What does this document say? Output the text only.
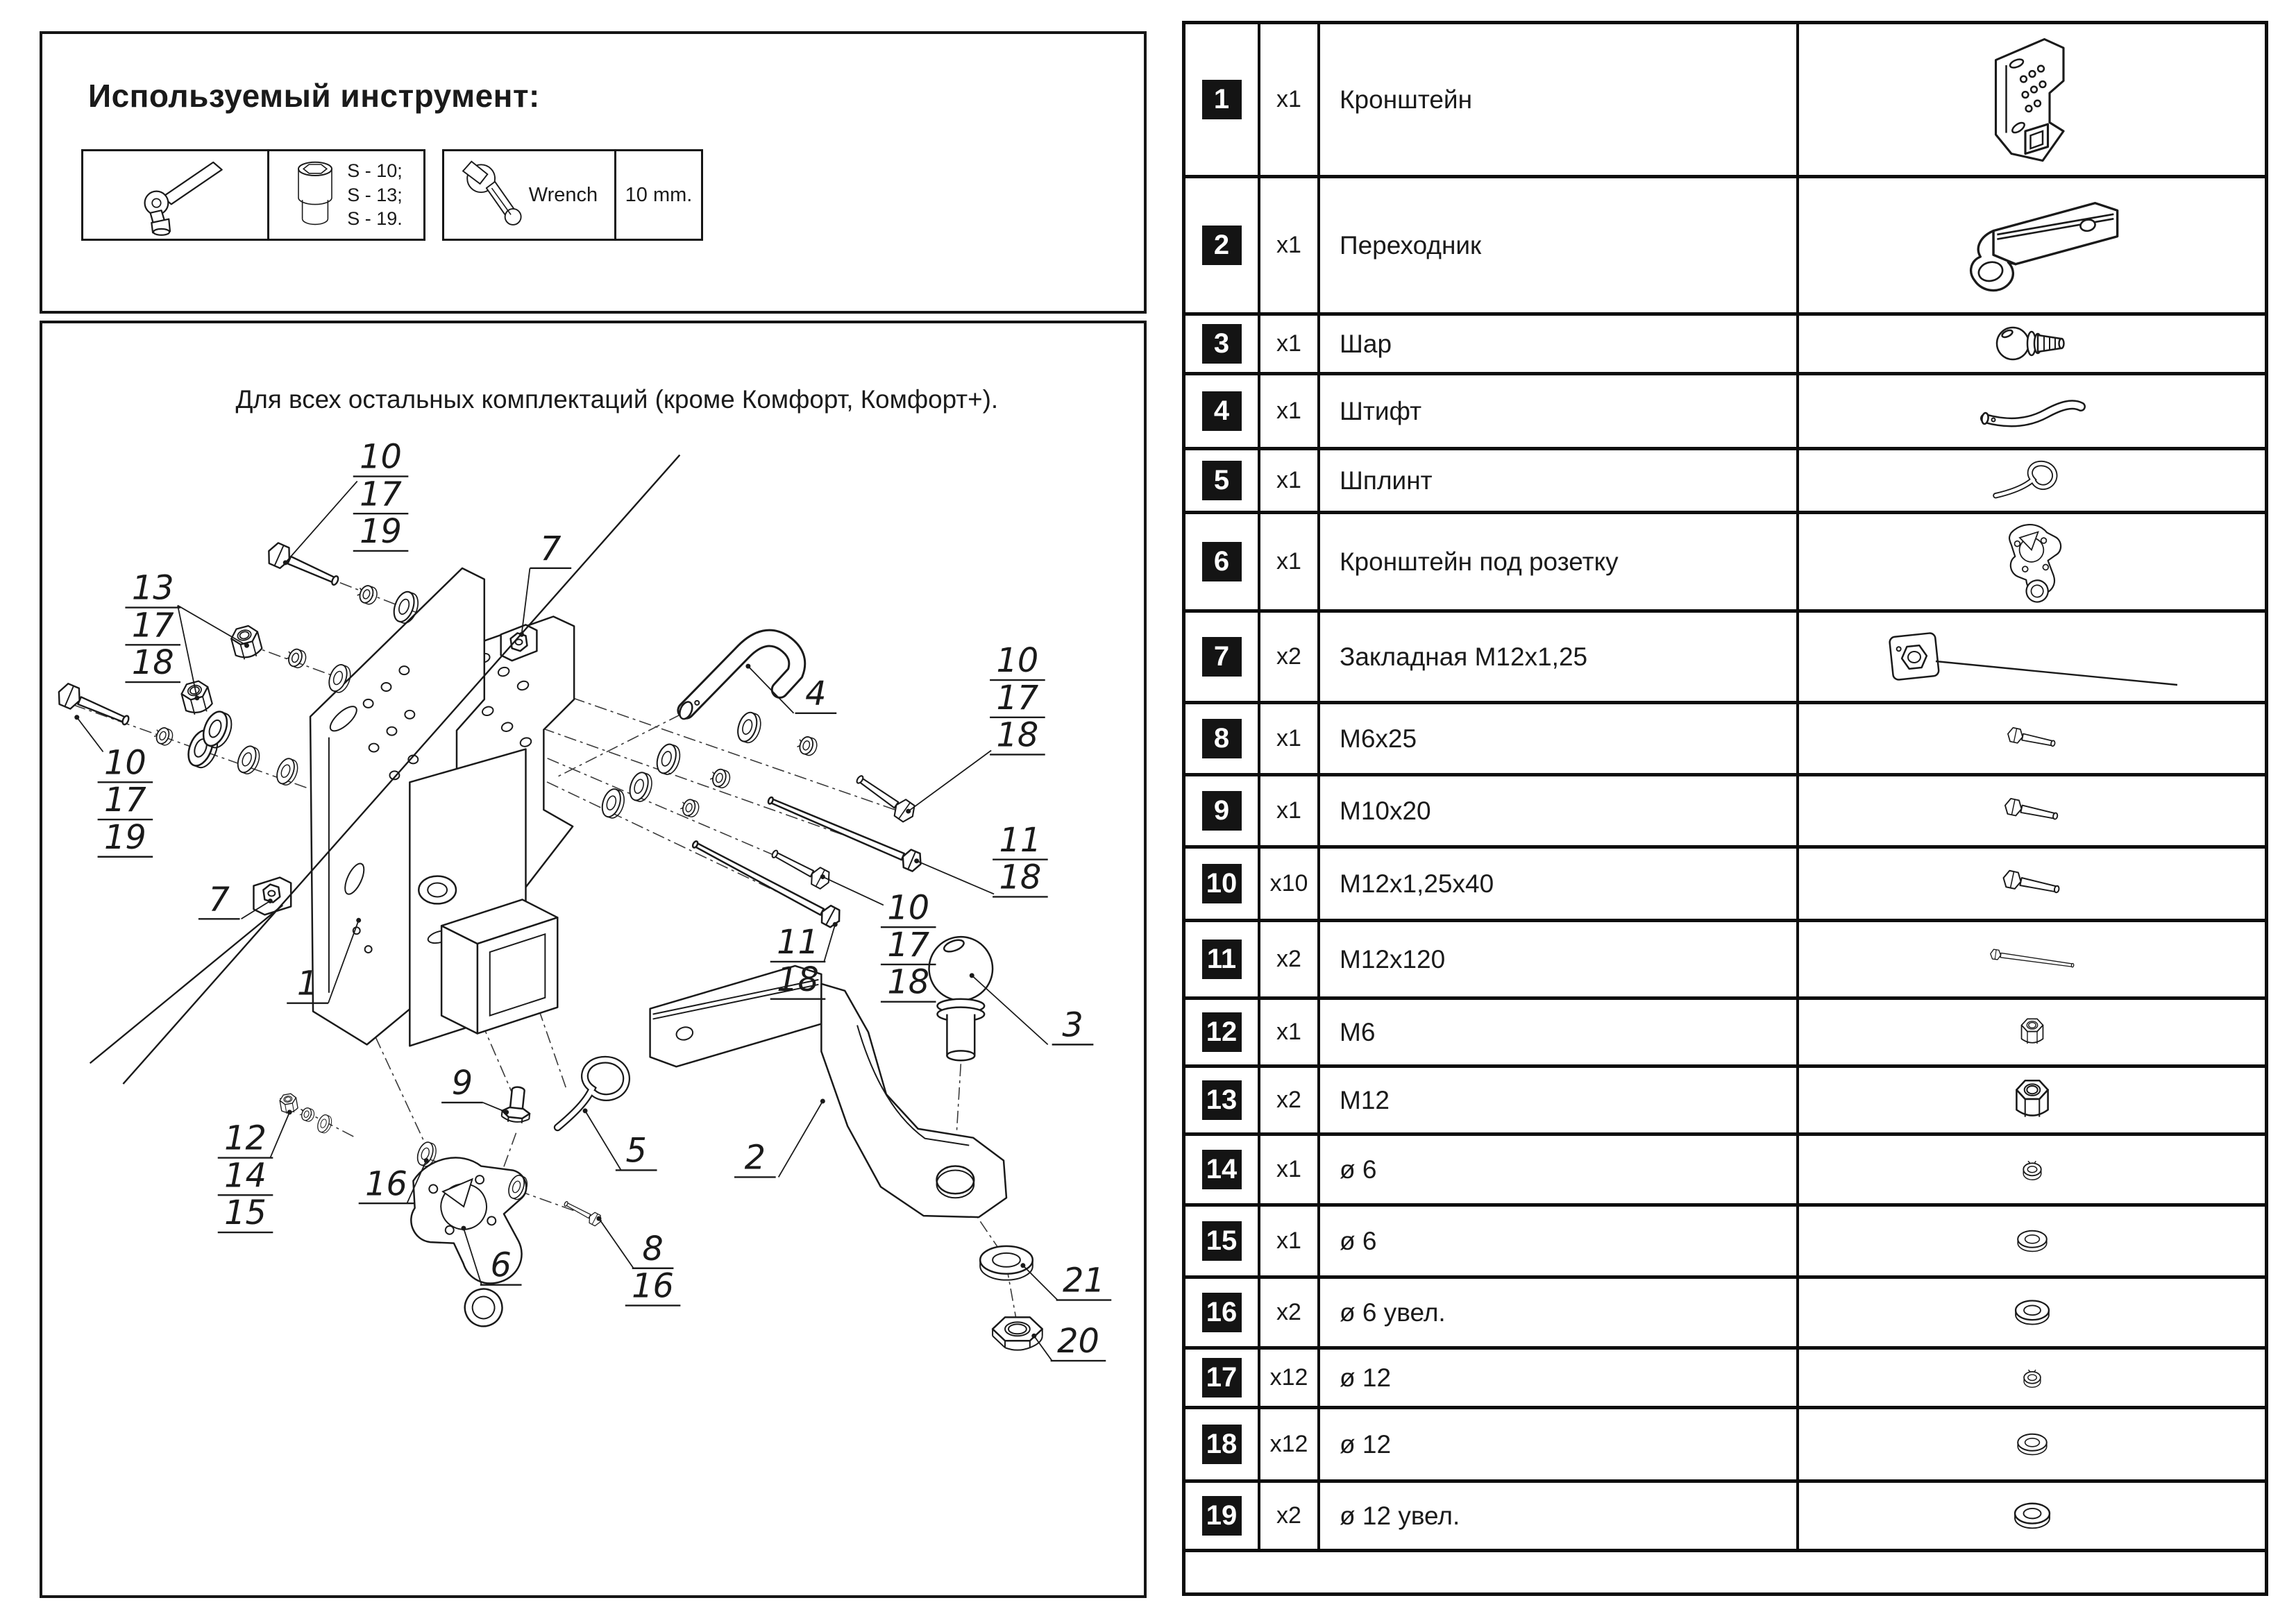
Используемый инструмент:
S - 10;
S - 13;
S - 19.
Wrench 10 mm.
Для всех остальных комплектаций (кроме Комфорт, Комфорт+).
10
17
19
13
17
18
10
17
19
7
7
4
10
17
18
11
18
10
17
18
11
18
3
2
21
20
1
9
5
12
14
15
16
6	8
16
1	x1 Кронштейн
2	x1 Переходник
3	x1 Шар
4	x1 Штифт
5	x1 Шплинт
6	x1 Кронштейн под розетку
7	x2 Закладная М12х1,25
8	x1 М6х25
9	x1 М10х20
10 x10 М12х1,25х40
11 x2 М12х120
12 x1 М6
13 x2 М12
14 x1 ø 6
15 x1 ø 6
16 x2 ø 6 увел.
17 x12 ø 12
18 x12 ø 12
19 x2 ø 12 увел.
